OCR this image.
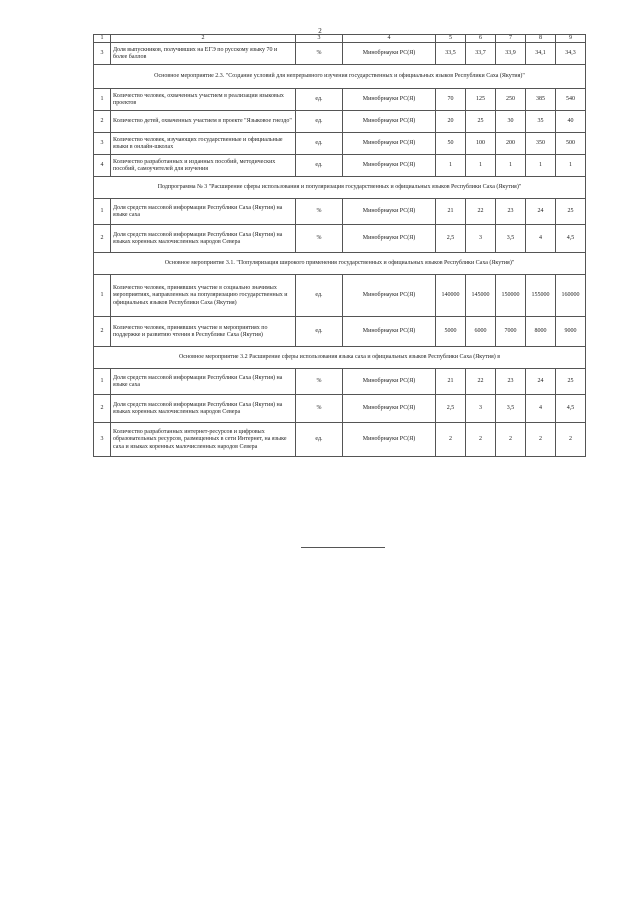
2
1	2	3	4	5	6	7	8	9
3	Доля выпускников, получивших на ЕГЭ по русскому языку 70 и более баллов	%	Минобрнауки РС(Я)	33,5	33,7	33,9	34,1	34,3
Основное мероприятие 2.3. "Создание условий для непрерывного изучения государственных и официальных языков Республики Саха (Якутия)"								
1	Количество человек, охваченных участием в реализации языковых проектов	ед.	Минобрнауки РС(Я)	70	125	250	385	540
2	Количество детей, охваченных участием в проекте "Языковое гнездо"	ед.	Минобрнауки РС(Я)	20	25	30	35	40
3	Количество человек, изучающих государственные и официальные языки в онлайн-школах	ед.	Минобрнауки РС(Я)	50	100	200	350	500
4	Количество разработанных и изданных пособий, методических пособий, самоучителей для изучения	ед.	Минобрнауки РС(Я)	1	1	1	1	1
Подпрограмма № 3 "Расширение сферы использования и популяризация государственных и официальных языков Республики Саха (Якутия)"								
1	Доля средств массовой информации Республики Саха (Якутия) на языке саха	%	Минобрнауки РС(Я)	21	22	23	24	25
2	Доля средств массовой информации Республики Саха (Якутия) на языках коренных малочисленных народов Севера	%	Минобрнауки РС(Я)	2,5	3	3,5	4	4,5
Основное мероприятие 3.1. "Популяризация широкого применения государственных и официальных языков Республики Саха (Якутия)"								
1	Количество человек, принявших участие в социально значимых мероприятиях, направленных на популяризацию государственных и официальных языков Республики Саха (Якутия)	ед.	Минобрнауки РС(Я)	140000	145000	150000	155000	160000
2	Количество человек, принявших участие в мероприятиях по поддержке и развитию чтения в Республике Саха (Якутия)	ед.	Минобрнауки РС(Я)	5000	6000	7000	8000	9000
Основное мероприятие 3.2 Расширение сферы использования языка саха и официальных языков Республики Саха (Якутия) в								
1	Доля средств массовой информации Республики Саха (Якутия) на языке саха	%	Минобрнауки РС(Я)	21	22	23	24	25
2	Доля средств массовой информации Республики Саха (Якутия) на языках коренных малочисленных народов Севера	%	Минобрнауки РС(Я)	2,5	3	3,5	4	4,5
3	Количество разработанных интернет-ресурсов и цифровых образовательных ресурсов, размещенных в сети Интернет, на языке саха и языках коренных малочисленных народов Севера	ед.	Минобрнауки РС(Я)	2	2	2	2	2
